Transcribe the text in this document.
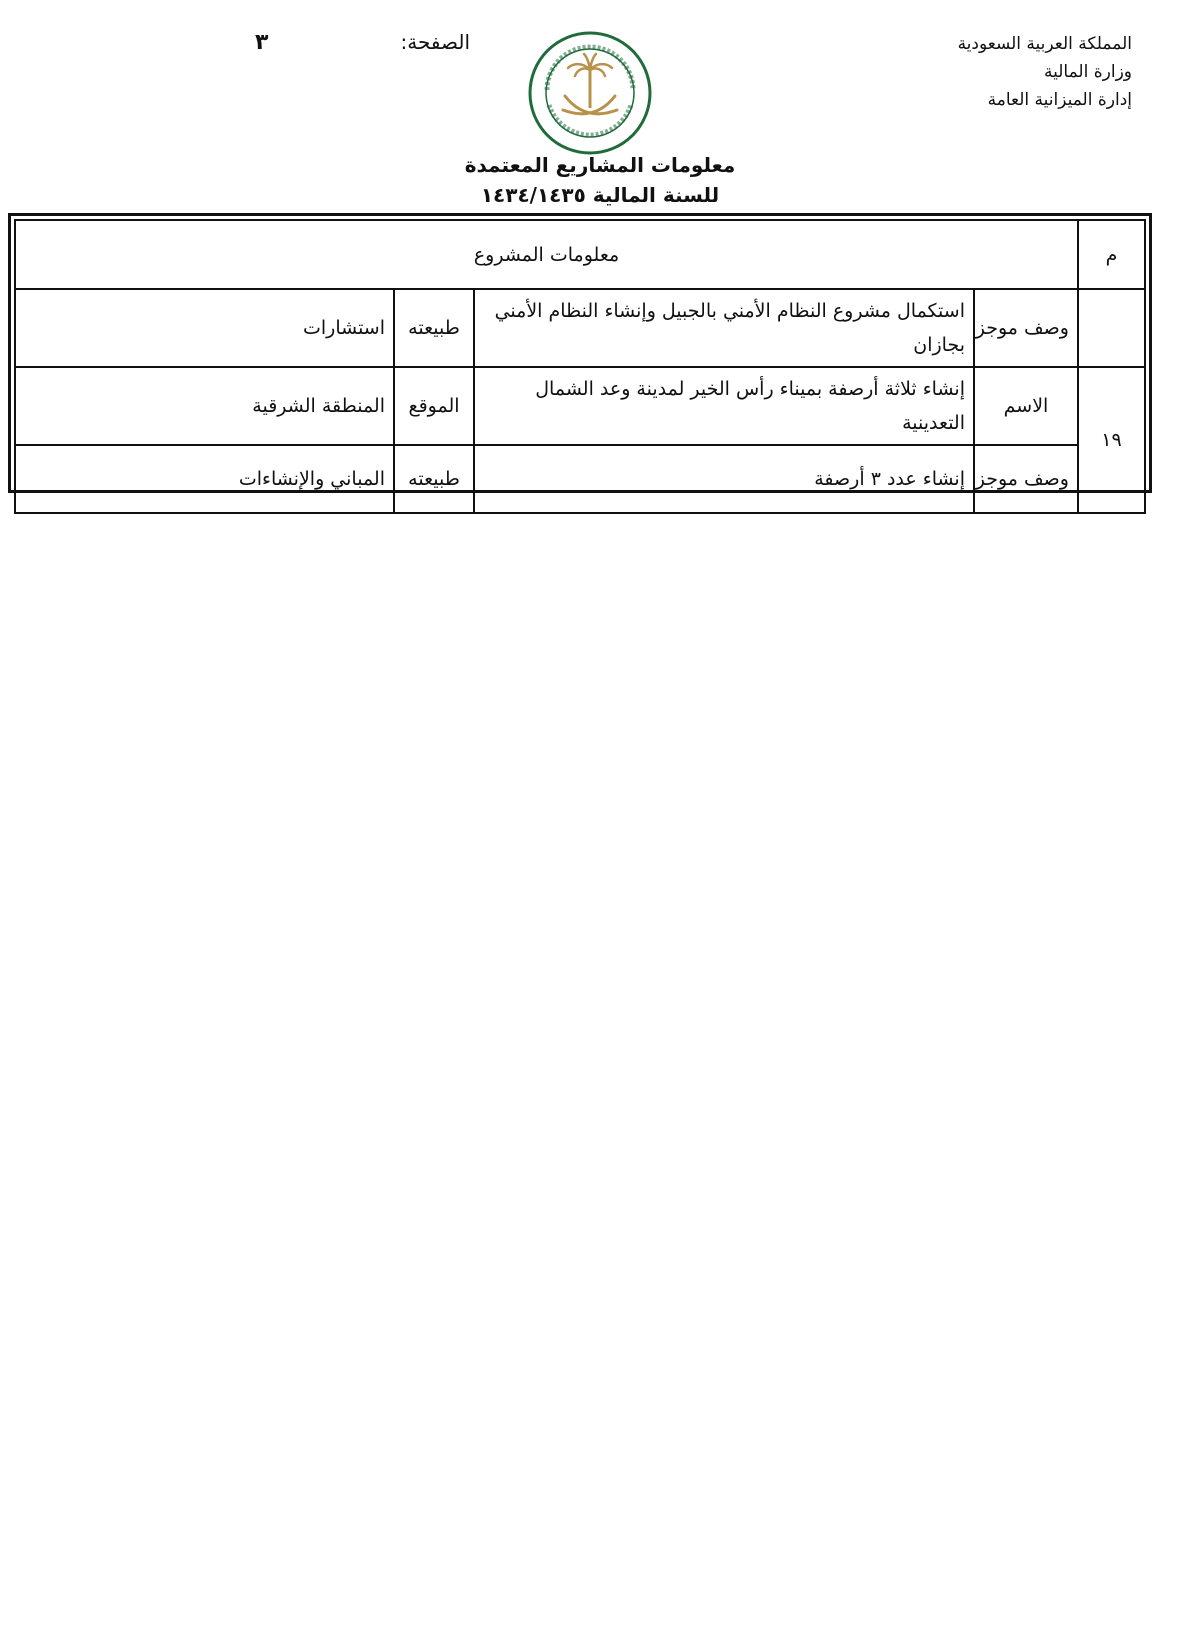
المملكة العربية السعودية
وزارة المالية
إدارة الميزانية العامة
الصفحة:
٣
معلومات المشاريع المعتمدة
للسنة المالية ١٤٣٤/١٤٣٥
م	معلومات المشروع			
	وصف موجز	استكمال مشروع النظام الأمني بالجبيل وإنشاء النظام الأمني بجازان	طبيعته	استشارات
١٩	الاسم	إنشاء ثلاثة أرصفة بميناء رأس الخير لمدينة وعد الشمال التعدينية	الموقع	المنطقة الشرقية
	وصف موجز	إنشاء عدد ٣ أرصفة	طبيعته	المباني والإنشاءات
